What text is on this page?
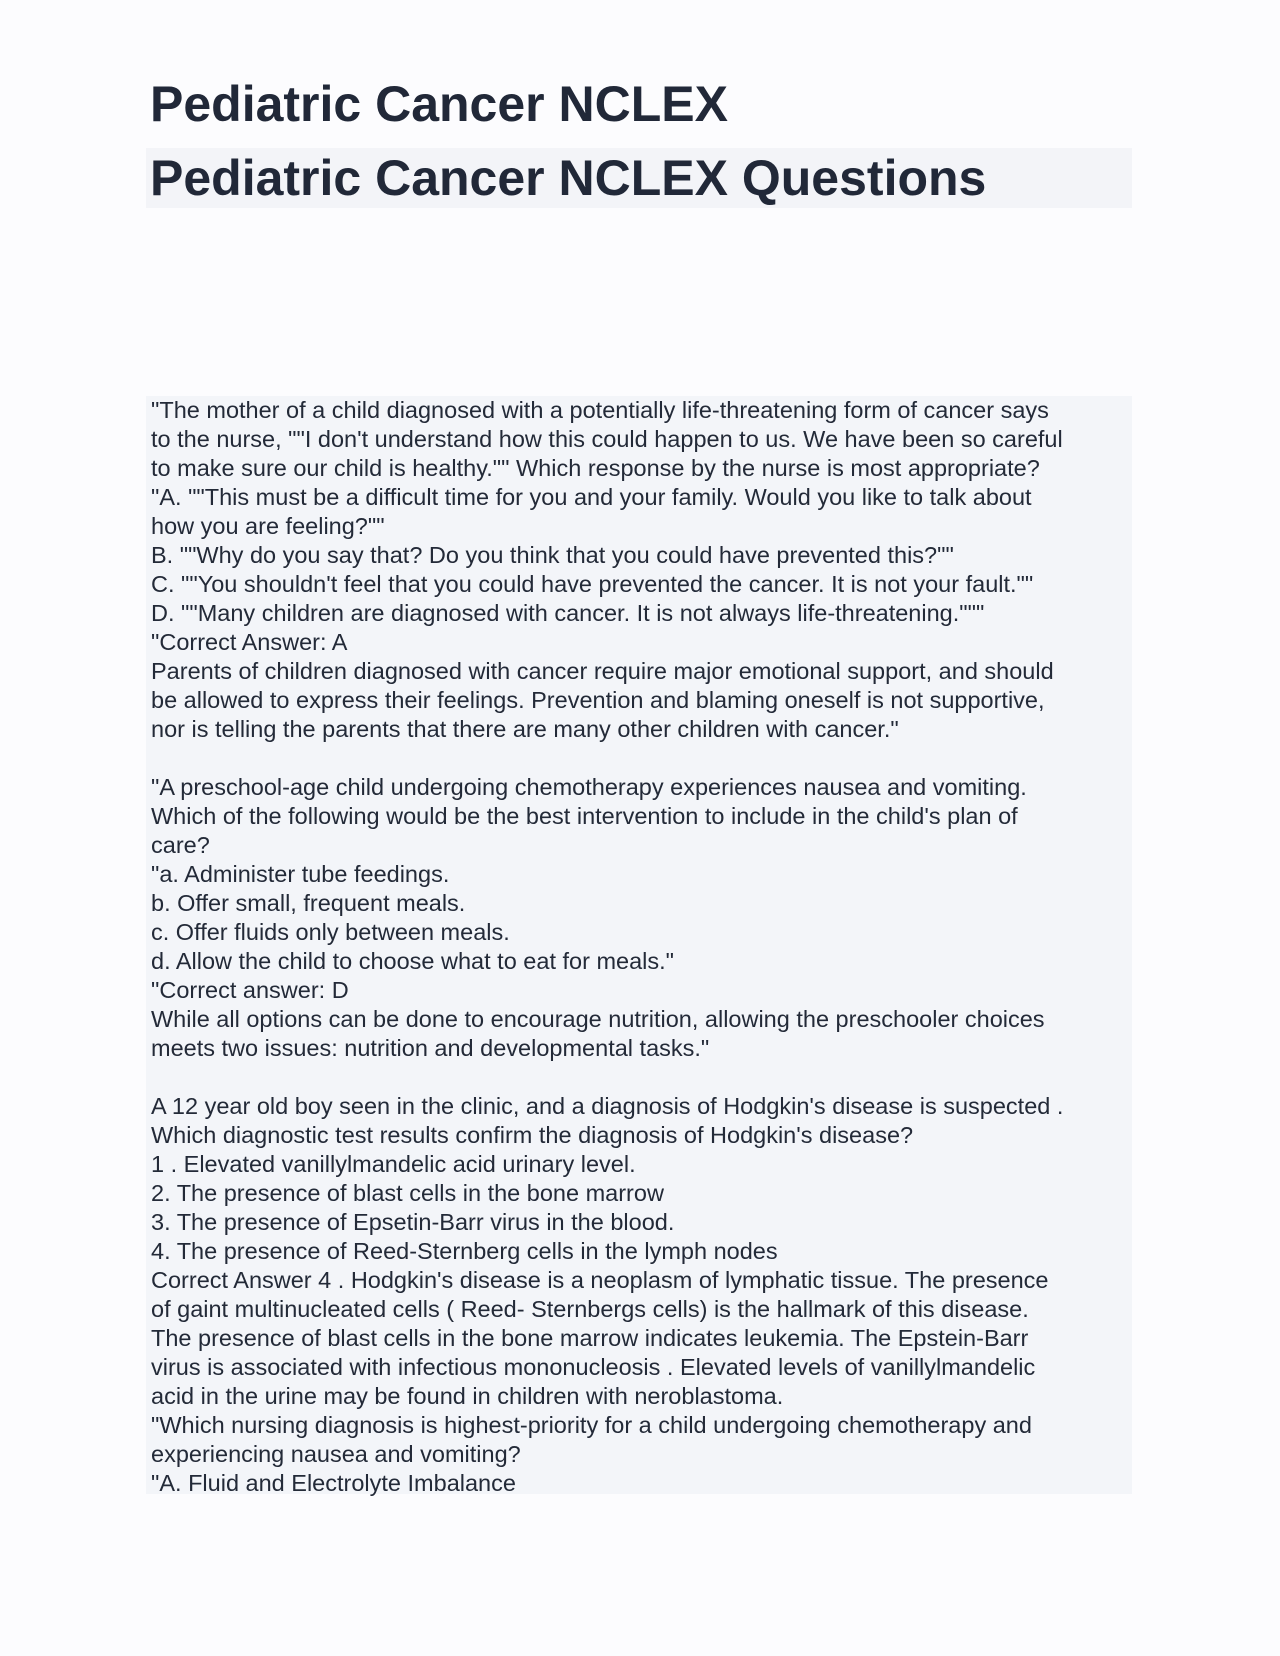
Pediatric Cancer NCLEX
Pediatric Cancer NCLEX Questions
"The mother of a child diagnosed with a potentially life-threatening form of cancer says
to the nurse, ""I don't understand how this could happen to us. We have been so careful
to make sure our child is healthy."" Which response by the nurse is most appropriate?
"A. ""This must be a difficult time for you and your family. Would you like to talk about
how you are feeling?""
B. ""Why do you say that? Do you think that you could have prevented this?""
C. ""You shouldn't feel that you could have prevented the cancer. It is not your fault.""
D. ""Many children are diagnosed with cancer. It is not always life-threatening."""
"Correct Answer: A
Parents of children diagnosed with cancer require major emotional support, and should
be allowed to express their feelings. Prevention and blaming oneself is not supportive,
nor is telling the parents that there are many other children with cancer."
"A preschool-age child undergoing chemotherapy experiences nausea and vomiting.
Which of the following would be the best intervention to include in the child's plan of
care?
"a. Administer tube feedings.
b. Offer small, frequent meals.
c. Offer fluids only between meals.
d. Allow the child to choose what to eat for meals."
"Correct answer: D
While all options can be done to encourage nutrition, allowing the preschooler choices
meets two issues: nutrition and developmental tasks."
A 12 year old boy seen in the clinic, and a diagnosis of Hodgkin's disease is suspected .
Which diagnostic test results confirm the diagnosis of Hodgkin's disease?
1 . Elevated vanillylmandelic acid urinary level.
2. The presence of blast cells in the bone marrow
3. The presence of Epsetin-Barr virus in the blood.
4. The presence of Reed-Sternberg cells in the lymph nodes
Correct Answer 4 . Hodgkin's disease is a neoplasm of lymphatic tissue. The presence
of gaint multinucleated cells ( Reed- Sternbergs cells) is the hallmark of this disease.
The presence of blast cells in the bone marrow indicates leukemia. The Epstein-Barr
virus is associated with infectious mononucleosis . Elevated levels of vanillylmandelic
acid in the urine may be found in children with neroblastoma.
"Which nursing diagnosis is highest-priority for a child undergoing chemotherapy and
experiencing nausea and vomiting?
"A. Fluid and Electrolyte Imbalance
